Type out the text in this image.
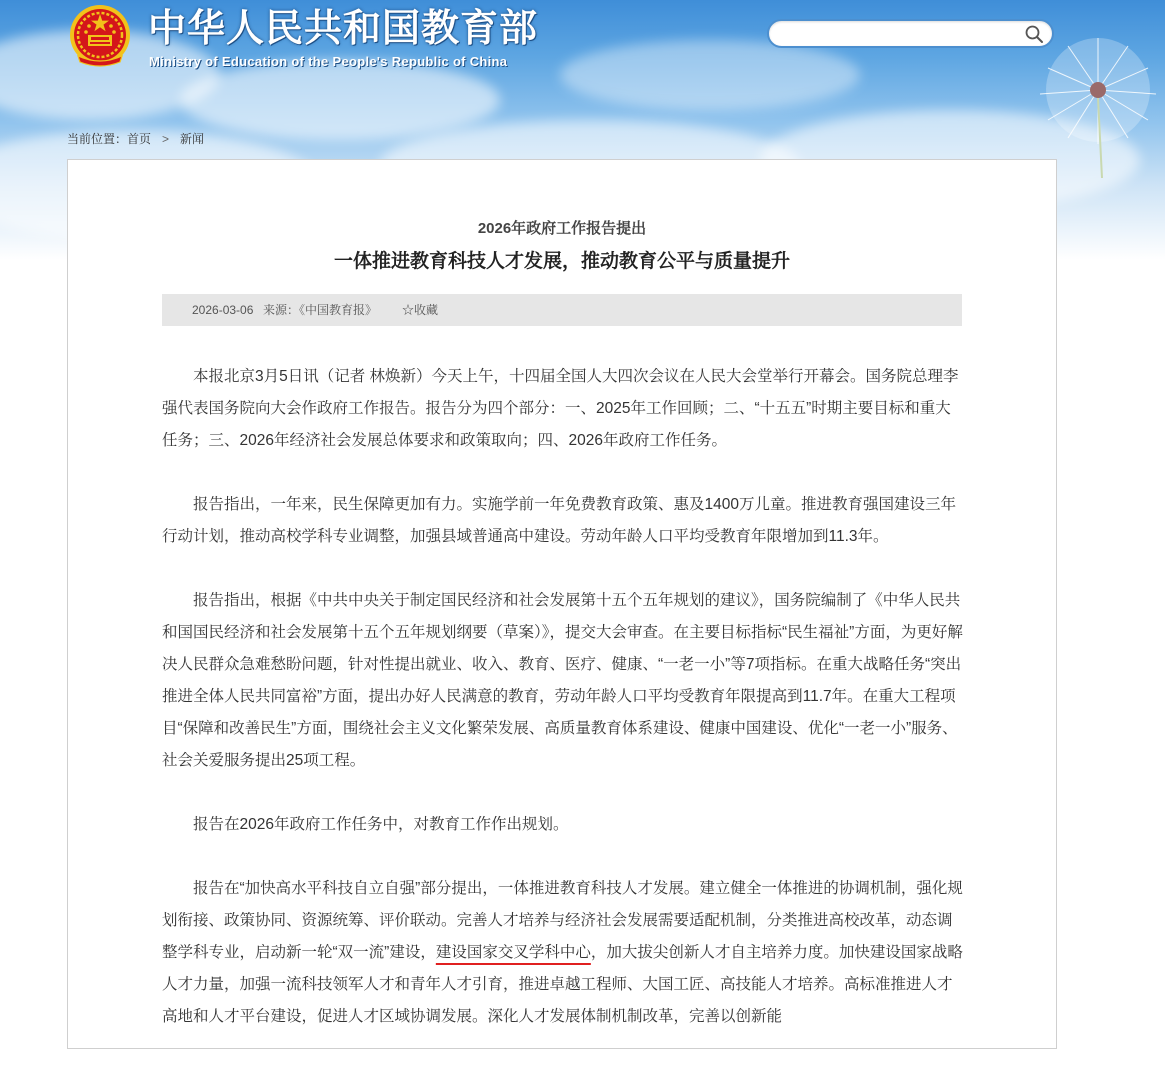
中华人民共和国教育部
Ministry of Education of the People's Republic of China
当前位置：首页 > 新闻
2026年政府工作报告提出
一体推进教育科技人才发展，推动教育公平与质量提升
2026-03-06 来源：《中国教育报》 ☆收藏

本报北京3月5日讯（记者 林焕新）今天上午，十四届全国人大四次会议在人民大会堂举行开幕会。国务院总理李强代表国务院向大会作政府工作报告。报告分为四个部分：一、2025年工作回顾；二、“十五五”时期主要目标和重大任务；三、2026年经济社会发展总体要求和政策取向；四、2026年政府工作任务。

报告指出，一年来，民生保障更加有力。实施学前一年免费教育政策、惠及1400万儿童。推进教育强国建设三年行动计划，推动高校学科专业调整，加强县域普通高中建设。劳动年龄人口平均受教育年限增加到11.3年。

报告指出，根据《中共中央关于制定国民经济和社会发展第十五个五年规划的建议》，国务院编制了《中华人民共和国国民经济和社会发展第十五个五年规划纲要（草案）》，提交大会审查。在主要目标指标“民生福祉”方面，为更好解决人民群众急难愁盼问题，针对性提出就业、收入、教育、医疗、健康、“一老一小”等7项指标。在重大战略任务“突出推进全体人民共同富裕”方面，提出办好人民满意的教育，劳动年龄人口平均受教育年限提高到11.7年。在重大工程项目“保障和改善民生”方面，围绕社会主义文化繁荣发展、高质量教育体系建设、健康中国建设、优化“一老一小”服务、社会关爱服务提出25项工程。

报告在2026年政府工作任务中，对教育工作作出规划。

报告在“加快高水平科技自立自强”部分提出，一体推进教育科技人才发展。建立健全一体推进的协调机制，强化规划衔接、政策协同、资源统筹、评价联动。完善人才培养与经济社会发展需要适配机制，分类推进高校改革，动态调整学科专业，启动新一轮“双一流”建设，建设国家交叉学科中心，加大拔尖创新人才自主培养力度。加快建设国家战略人才力量，加强一流科技领军人才和青年人才引育，推进卓越工程师、大国工匠、高技能人才培养。高标准推进人才高地和人才平台建设，促进人才区域协调发展。深化人才发展体制机制改革，完善以创新能
